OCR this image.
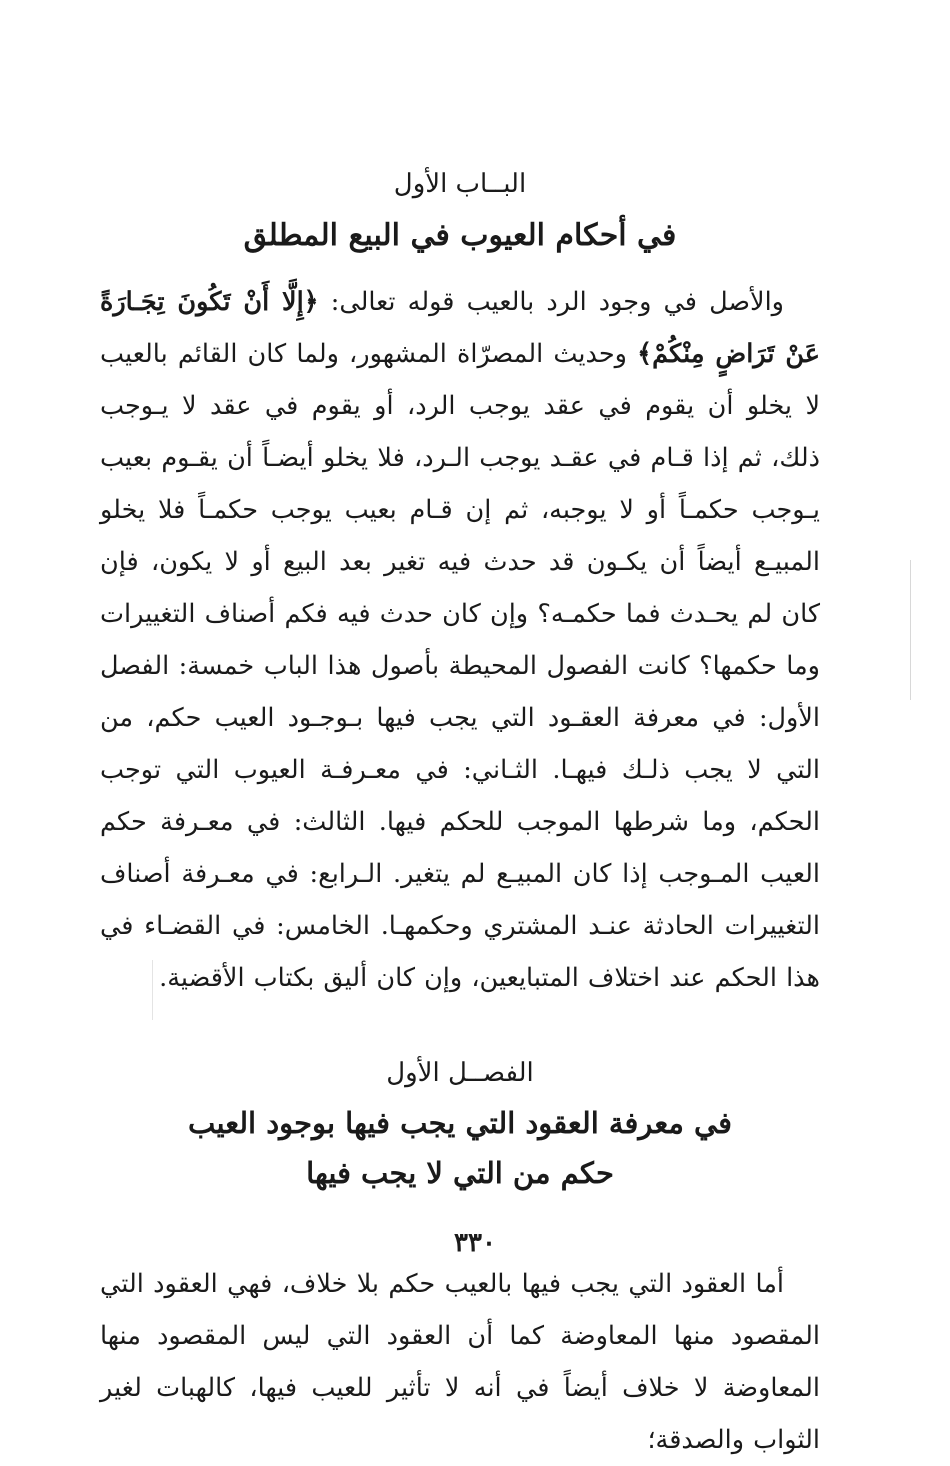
البــاب الأول
في أحكام العيوب في البيع المطلق

والأصل في وجود الرد بالعيب قوله تعالى: ﴿إِلَّا أَنْ تَكُونَ تِجَـارَةً عَنْ تَرَاضٍ مِنْكُمْ﴾ وحديث المصرّاة المشهور، ولما كان القائم بالعيب لا يخلو أن يقوم في عقد يوجب الرد، أو يقوم في عقد لا يـوجب ذلك، ثم إذا قـام في عقـد يوجب الـرد، فلا يخلو أيضـاً أن يقـوم بعيب يـوجب حكمـاً أو لا يوجبه، ثم إن قـام بعيب يوجب حكمـاً فلا يخلو المبيـع أيضاً أن يكـون قد حدث فيه تغير بعد البيع أو لا يكون، فإن كان لم يحـدث فما حكمـه؟ وإن كان حدث فيه فكم أصناف التغييرات وما حكمها؟ كانت الفصول المحيطة بأصول هذا الباب خمسة: الفصل الأول: في معرفة العقـود التي يجب فيها بـوجـود العيب حكم، من التي لا يجب ذلـك فيهـا. الثـاني: في معـرفـة العيوب التي توجب الحكم، وما شرطها الموجب للحكم فيها. الثالث: في معـرفة حكم العيب المـوجب إذا كان المبيـع لم يتغير. الـرابع: في معـرفة أصناف التغييرات الحادثة عنـد المشتري وحكمهـا. الخامس: في القضـاء في هذا الحكم عند اختلاف المتبايعين، وإن كان أليق بكتاب الأقضية.

الفصــل الأول
في معرفة العقود التي يجب فيها بوجود العيب
حكم من التي لا يجب فيها

أما العقود التي يجب فيها بالعيب حكم بلا خلاف، فهي العقود التي المقصود منها المعاوضة كما أن العقود التي ليس المقصود منها المعاوضة لا خلاف أيضاً في أنه لا تأثير للعيب فيها، كالهبات لغير الثواب والصدقة؛

٣٣٠
